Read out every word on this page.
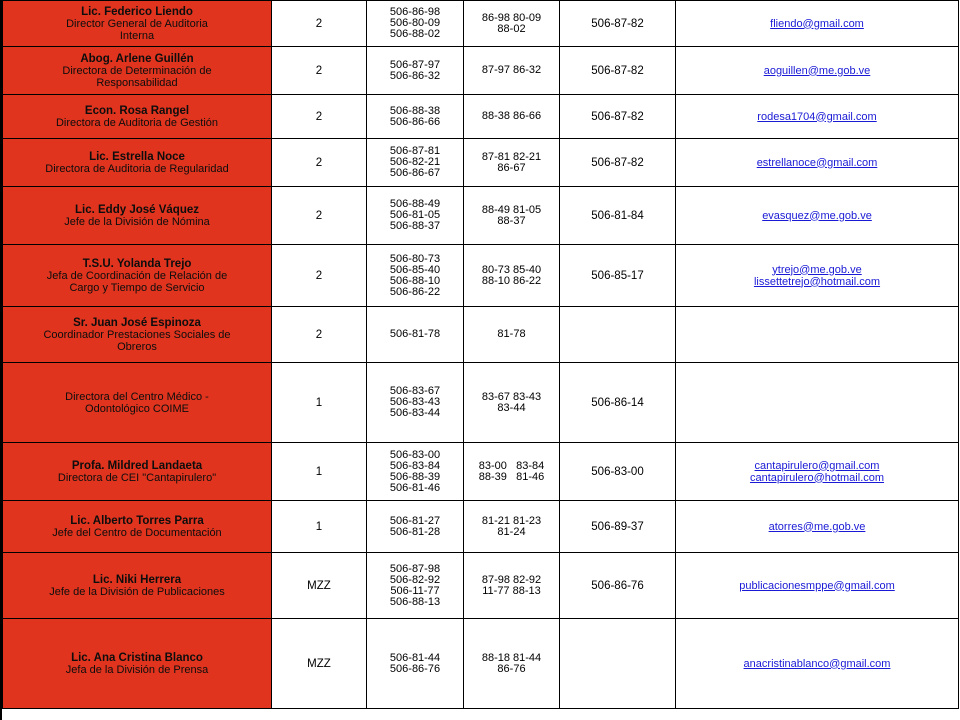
Lic. Federico Liendo
Director General de Auditoria
Interna	2	506-86-98
506-80-09
506-88-02	86-98 80-09
88-02	506-87-82	fliendo@gmail.com

Abog. Arlene Guillén
Directora de Determinación de
Responsabilidad	2	506-87-97
506-86-32	87-97 86-32	506-87-82	aoguillen@me.gob.ve

Econ. Rosa Rangel
Directora de Auditoria de Gestión	2	506-88-38
506-86-66	88-38 86-66	506-87-82	rodesa1704@gmail.com

Lic. Estrella Noce
Directora de Auditoria de Regularidad	2	506-87-81
506-82-21
506-86-67	87-81 82-21
86-67	506-87-82	estrellanoce@gmail.com

Lic. Eddy José Váquez
Jefe de la División de Nómina	2	506-88-49
506-81-05
506-88-37	88-49 81-05
88-37	506-81-84	evasquez@me.gob.ve

T.S.U. Yolanda Trejo
Jefa de Coordinación de Relación de
Cargo y Tiempo de Servicio	2	506-80-73
506-85-40
506-88-10
506-86-22	80-73 85-40
88-10 86-22	506-85-17	ytrejo@me.gob.ve
lissettetrejo@hotmail.com

Sr. Juan José Espinoza
Coordinador Prestaciones Sociales de
Obreros	2	506-81-78	81-78		

Directora del Centro Médico -
Odontológico COIME	1	506-83-67
506-83-43
506-83-44	83-67 83-43
83-44	506-86-14	

Profa. Mildred Landaeta
Directora de CEI "Cantapirulero"	1	506-83-00
506-83-84
506-88-39
506-81-46	83-00   83-84
88-39   81-46	506-83-00	cantapirulero@gmail.com
cantapirulero@hotmail.com

Lic. Alberto Torres Parra
Jefe del Centro de Documentación	1	506-81-27
506-81-28	81-21 81-23
81-24	506-89-37	atorres@me.gob.ve

Lic. Niki Herrera
Jefe de la División de Publicaciones	MZZ	506-87-98
506-82-92
506-11-77
506-88-13	87-98 82-92
11-77 88-13	506-86-76	publicacionesmppe@gmail.com

Lic. Ana Cristina Blanco
Jefa de la División de Prensa	MZZ	506-81-44
506-86-76	88-18 81-44
86-76		anacristinablanco@gmail.com
